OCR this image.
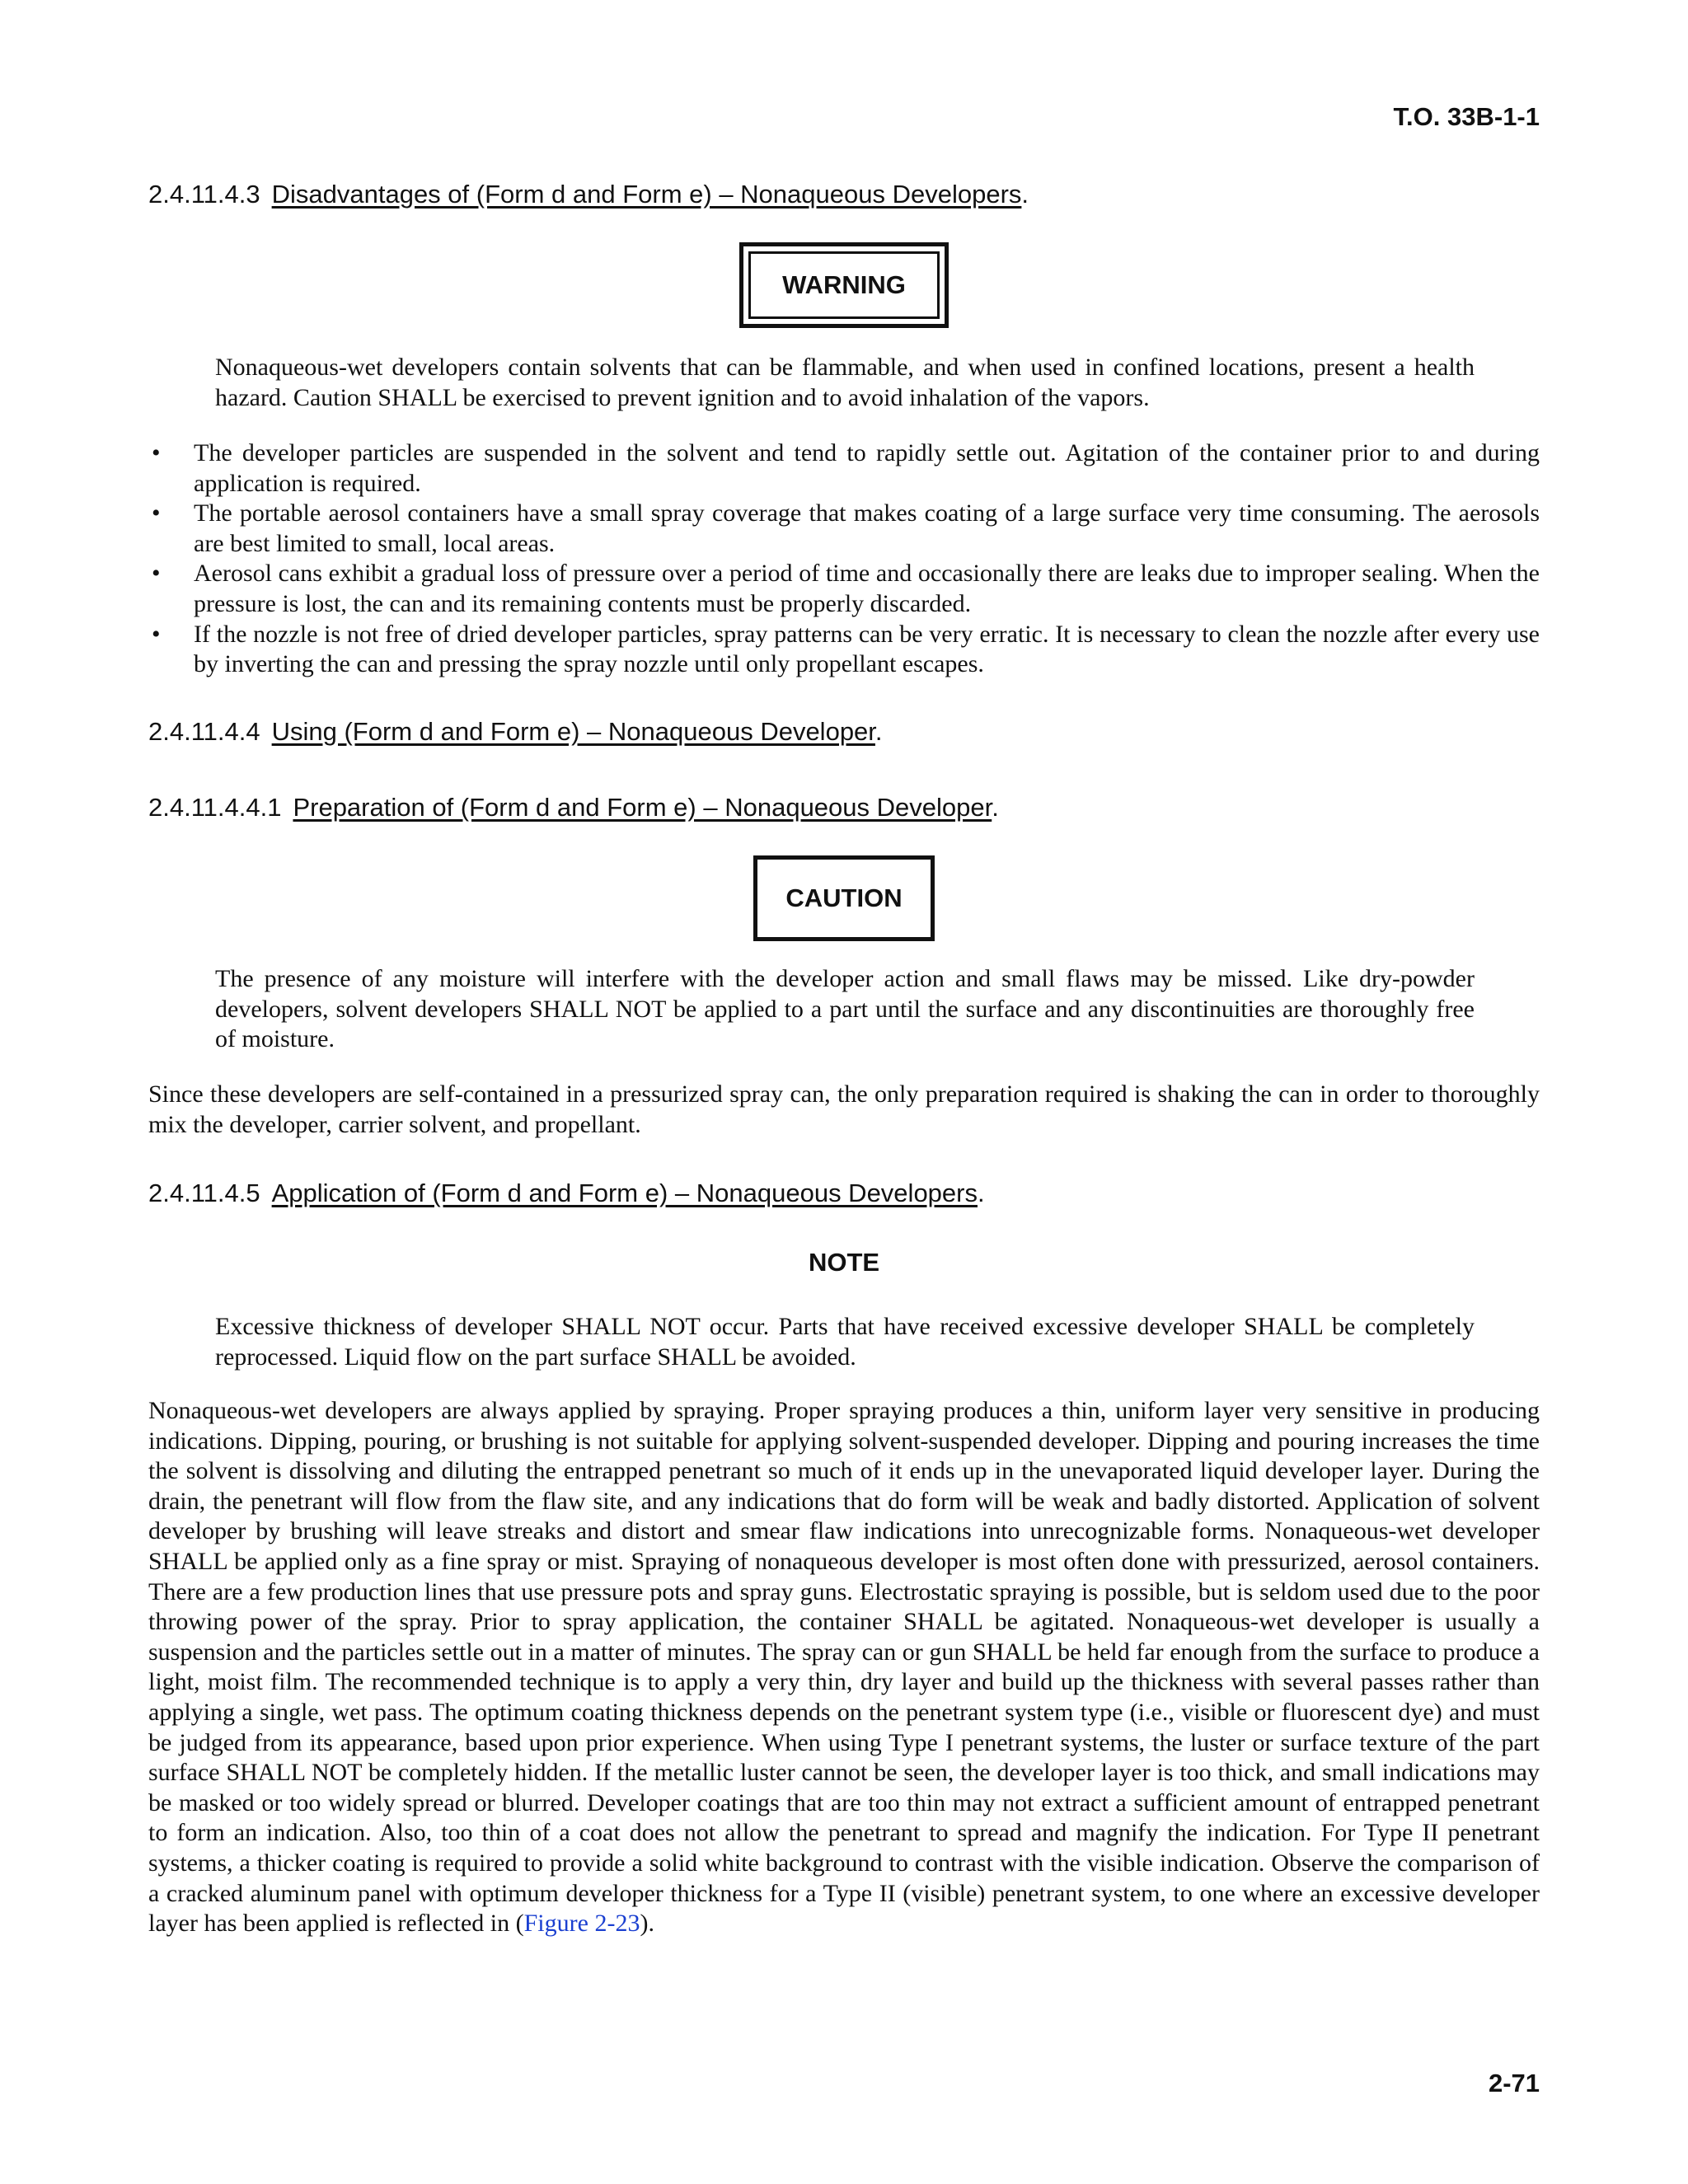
T.O. 33B-1-1
2.4.11.4.3 Disadvantages of (Form d and Form e) – Nonaqueous Developers.
WARNING
Nonaqueous-wet developers contain solvents that can be flammable, and when used in confined locations, present a health hazard. Caution SHALL be exercised to prevent ignition and to avoid inhalation of the vapors.
• The developer particles are suspended in the solvent and tend to rapidly settle out. Agitation of the container prior to and during application is required.
• The portable aerosol containers have a small spray coverage that makes coating of a large surface very time consuming. The aerosols are best limited to small, local areas.
• Aerosol cans exhibit a gradual loss of pressure over a period of time and occasionally there are leaks due to improper sealing. When the pressure is lost, the can and its remaining contents must be properly discarded.
• If the nozzle is not free of dried developer particles, spray patterns can be very erratic. It is necessary to clean the nozzle after every use by inverting the can and pressing the spray nozzle until only propellant escapes.
2.4.11.4.4 Using (Form d and Form e) – Nonaqueous Developer.
2.4.11.4.4.1 Preparation of (Form d and Form e) – Nonaqueous Developer.
CAUTION
The presence of any moisture will interfere with the developer action and small flaws may be missed. Like dry-powder developers, solvent developers SHALL NOT be applied to a part until the surface and any discontinuities are thoroughly free of moisture.
Since these developers are self-contained in a pressurized spray can, the only preparation required is shaking the can in order to thoroughly mix the developer, carrier solvent, and propellant.
2.4.11.4.5 Application of (Form d and Form e) – Nonaqueous Developers.
NOTE
Excessive thickness of developer SHALL NOT occur. Parts that have received excessive developer SHALL be completely reprocessed. Liquid flow on the part surface SHALL be avoided.
Nonaqueous-wet developers are always applied by spraying. Proper spraying produces a thin, uniform layer very sensitive in producing indications. Dipping, pouring, or brushing is not suitable for applying solvent-suspended developer. Dipping and pouring increases the time the solvent is dissolving and diluting the entrapped penetrant so much of it ends up in the unevaporated liquid developer layer. During the drain, the penetrant will flow from the flaw site, and any indications that do form will be weak and badly distorted. Application of solvent developer by brushing will leave streaks and distort and smear flaw indications into unrecognizable forms. Nonaqueous-wet developer SHALL be applied only as a fine spray or mist. Spraying of nonaqueous developer is most often done with pressurized, aerosol containers. There are a few production lines that use pressure pots and spray guns. Electrostatic spraying is possible, but is seldom used due to the poor throwing power of the spray. Prior to spray application, the container SHALL be agitated. Nonaqueous-wet developer is usually a suspension and the particles settle out in a matter of minutes. The spray can or gun SHALL be held far enough from the surface to produce a light, moist film. The recommended technique is to apply a very thin, dry layer and build up the thickness with several passes rather than applying a single, wet pass. The optimum coating thickness depends on the penetrant system type (i.e., visible or fluorescent dye) and must be judged from its appearance, based upon prior experience. When using Type I penetrant systems, the luster or surface texture of the part surface SHALL NOT be completely hidden. If the metallic luster cannot be seen, the developer layer is too thick, and small indications may be masked or too widely spread or blurred. Developer coatings that are too thin may not extract a sufficient amount of entrapped penetrant to form an indication. Also, too thin of a coat does not allow the penetrant to spread and magnify the indication. For Type II penetrant systems, a thicker coating is required to provide a solid white background to contrast with the visible indication. Observe the comparison of a cracked aluminum panel with optimum developer thickness for a Type II (visible) penetrant system, to one where an excessive developer layer has been applied is reflected in (Figure 2-23).
2-71
